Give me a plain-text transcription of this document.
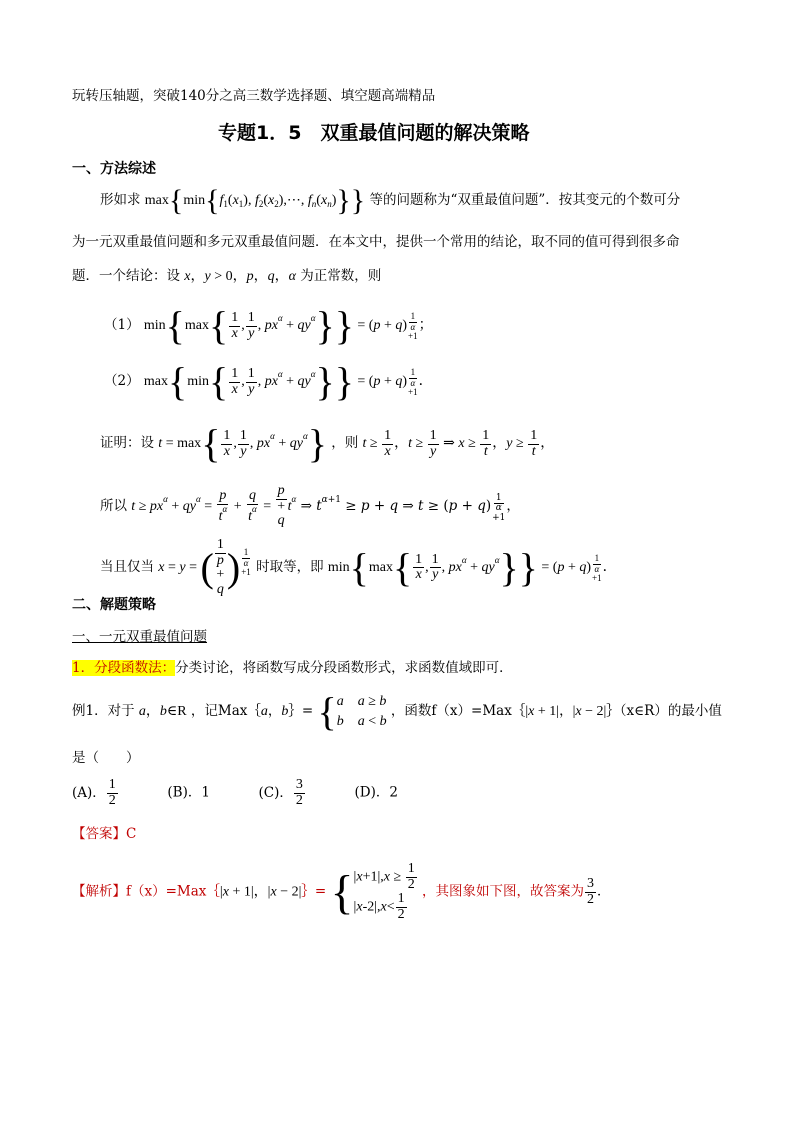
玩转压轴题，突破140分之高三数学选择题、填空题高端精品
专题1．5　双重最值问题的解决策略
一、方法综述
形如求 $\max\{\min\{f_1(x_1)$, $f_2(x_2),\cdots$, $f_n(x_n)$}} 等的问题称为“双重最值问题”．按其变元的个数可分
为一元双重最值问题和多元双重最值问题．在本文中，提供一个常用的结论，取不同的值可得到很多命
题．一个结论：设 x，y > 0，p，q，α 为正常数，则
（1） $\min\{\max\{ \frac{1}{x}$ , $\frac{1}{y}$ , $px^\alpha + qy^\alpha\}\} = (p + q)$
1
α
+1；
（2） $\max\{\min\{ \frac{1}{x}$ , $\frac{1}{y}$ , $px^\alpha + qy^\alpha\}\} = (p + q)$
1
α
+1．
证明：设 $t = \max\{ \frac{1}{x}$ , $\frac{1}{y}$ , $px^\alpha + qy^\alpha$} ，则 $t \ge \frac{1}{x}$ ，$t \ge \frac{1}{y}$ ⇒ $x \ge \frac{1}{t}$ ，$y \ge \frac{1}{t}$ ，
所以 $t \ge px^\alpha + qy^\alpha = \frac{p}{t^\alpha} + \frac{q}{t^\alpha}$ =
p
+
q
$t^\alpha$ ⇒ $t^{\alpha+1} \ge p + q$ ⇒ t ≥ (p + q) 1
α
+1，
当且仅当 x = y = (
1
p
+
q ) 1
α
+1 时取等，即 $\min\{\max\{ \frac{1}{x}$ , $\frac{1}{y}$ , $px^\alpha + qy^\alpha\}\} = (p + q)$
1
α
+1．
二、解题策略
一、一元双重最值问题
1．分段函数法：分类讨论，将函数写成分段函数形式，求函数值域即可．
例1．对于 a，b∈R ，记Max｛a，b｝= { a　 a ≥ b
b　 a < b
，函数f（x）=Max｛|x + 1|，|x − 2|｝（x∈R）的最小值
是（　　）
(A)． $\frac{1}{2}$	(B)．1	(C)． $\frac{3}{2}$	(D)．2
【答案】C
【解析】f（x）=Max｛|x + 1|，|x − 2|｝= { $|x+1|,x \ge \frac{1}{2}$
$|x-2|,x< \frac{1}{2}$
，其图象如下图，故答案为 $\frac{3}{2}$ ．
